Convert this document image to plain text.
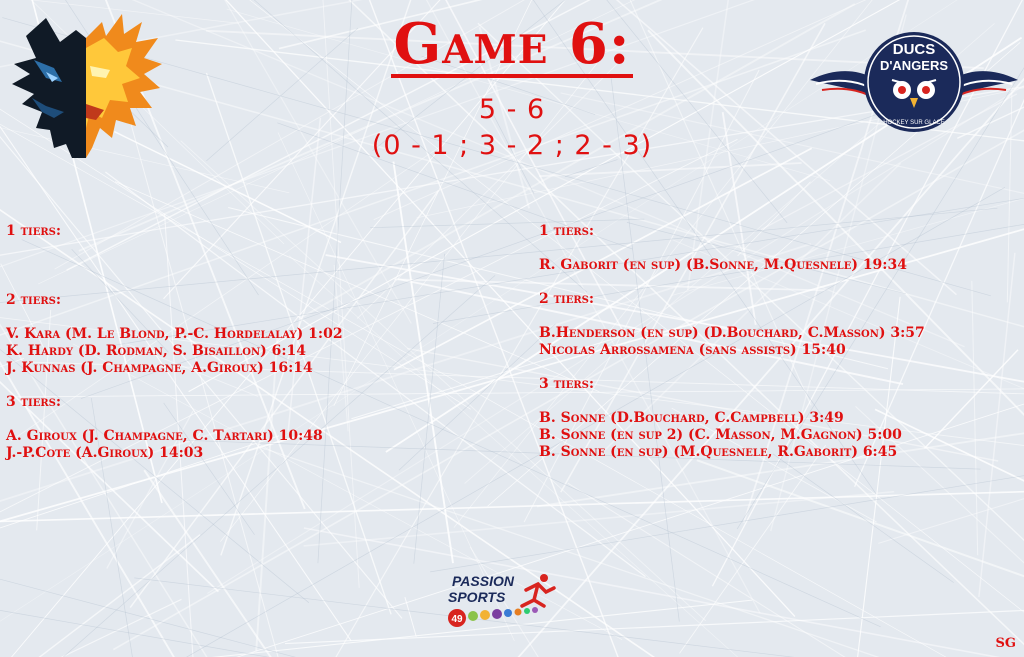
Game 6:
5 - 6
(0 - 1 ; 3 - 2 ; 2 - 3)
DUCS
D'ANGERS
HOCKEY SUR GLACE
1 tiers:
2 tiers:
V. Kara (M. Le Blond, P.-C. Hordelalay) 1:02
K. Hardy (D. Rodman, S. Bisaillon) 6:14
J. Kunnas (J. Champagne, A.Giroux) 16:14
3 tiers:
A. Giroux (J. Champagne, C. Tartari) 10:48
J.-P.Cote (A.Giroux) 14:03
1 tiers:
R. Gaborit (en sup) (B.Sonne, M.Quesnele) 19:34
2 tiers:
B.Henderson (en sup) (D.Bouchard, C.Masson) 3:57
Nicolas Arrossamena (sans assists) 15:40
3 tiers:
B. Sonne (D.Bouchard, C.Campbell) 3:49
B. Sonne (en sup 2) (C. Masson, M.Gagnon) 5:00
B. Sonne (en sup) (M.Quesnele, R.Gaborit) 6:45
PASSION
SPORTS
49
SG
